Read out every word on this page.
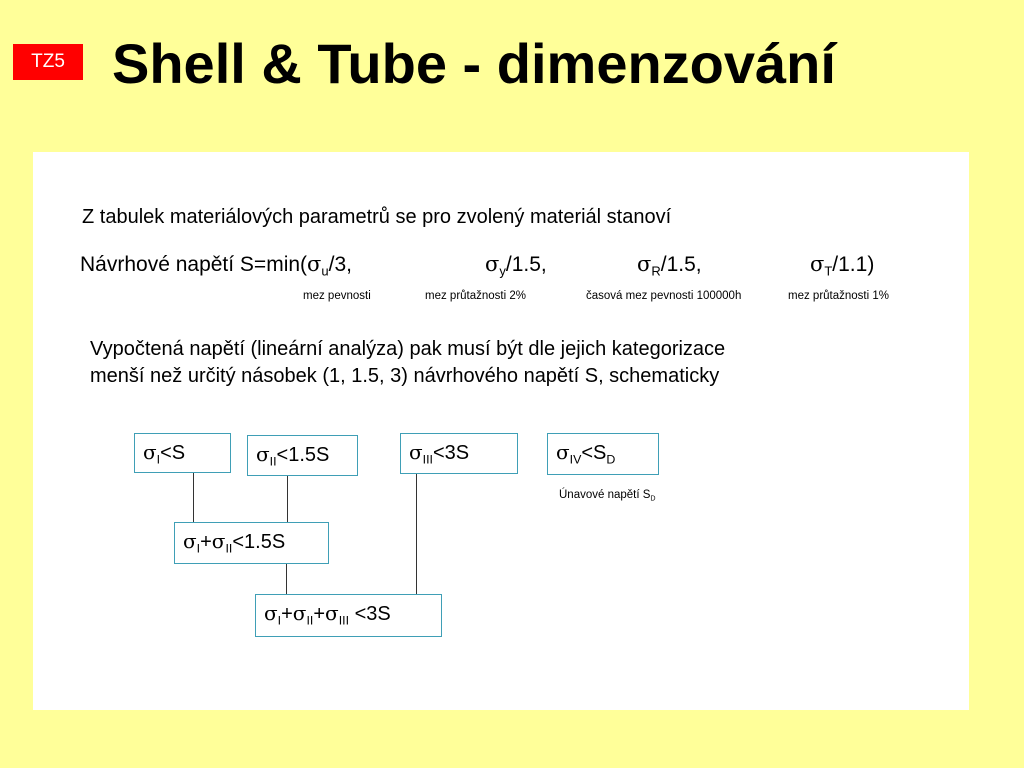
TZ5 Shell & Tube - dimenzování
Z tabulek materiálových parametrů se pro zvolený materiál stanoví
Návrhové napětí $S=\min(\sigma_u/3$,	$\sigma_y/1.5$,	$\sigma_R/1.5$,	$\sigma_T/1.1$)
mez pevnosti	mez průtažnosti 2%	časová mez pevnosti 100000h	mez průtažnosti 1%
Vypočtená napětí (lineární analýza) pak musí být dle jejich kategorizace
menší než určitý násobek (1, 1.5, 3) návrhového napětí S, schematicky
$\sigma_I<S$	$\sigma_{II}<1.5S$	$\sigma_{III}<3S$	$\sigma_{IV}<S_D$
$\sigma_I+\sigma_{II}<1.5S$
$\sigma_I+\sigma_{II}+\sigma_{III} <3S$
Únavové napětí $S_D$
